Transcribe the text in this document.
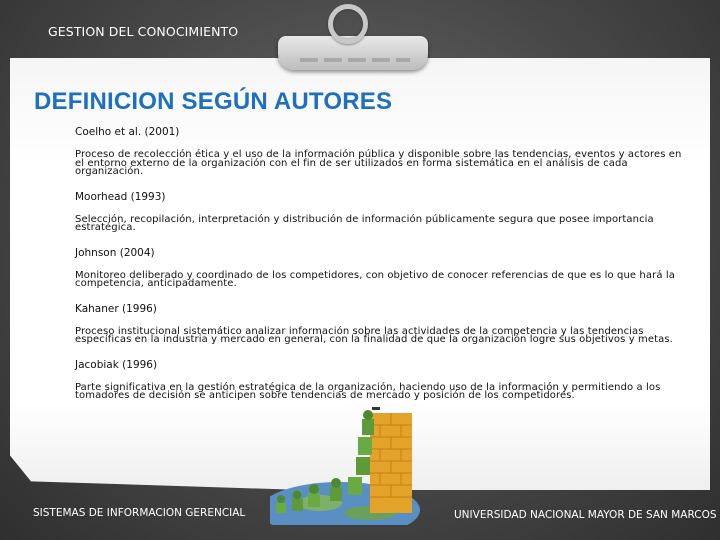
GESTION DEL CONOCIMIENTO
DEFINICION SEGÚN AUTORES

Coelho et al. (2001)

Proceso de recolección ética y el uso de la información pública y disponible sobre las tendencias, eventos y actores en el entorno externo de la organización con el fin de ser utilizados en forma sistemática en el análisis de cada organización.

Moorhead (1993)

Selección, recopilación, interpretación y distribución de información públicamente segura que posee importancia estratégica.

Johnson (2004)

Monitoreo deliberado y coordinado de los competidores, con objetivo de conocer referencias de que es lo que hará la competencia, anticipadamente.

Kahaner (1996)

Proceso institucional sistemático analizar información sobre las actividades de la competencia y las tendencias específicas en la industria y mercado en general, con la finalidad de que la organización logre sus objetivos y metas.

Jacobiak (1996)

Parte significativa en la gestión estratégica de la organización, haciendo uso de la información y permitiendo a los tomadores de decisión se anticipen sobre tendencias de mercado y posición de los competidores.

SISTEMAS DE INFORMACION GERENCIAL	UNIVERSIDAD NACIONAL MAYOR DE SAN MARCOS
